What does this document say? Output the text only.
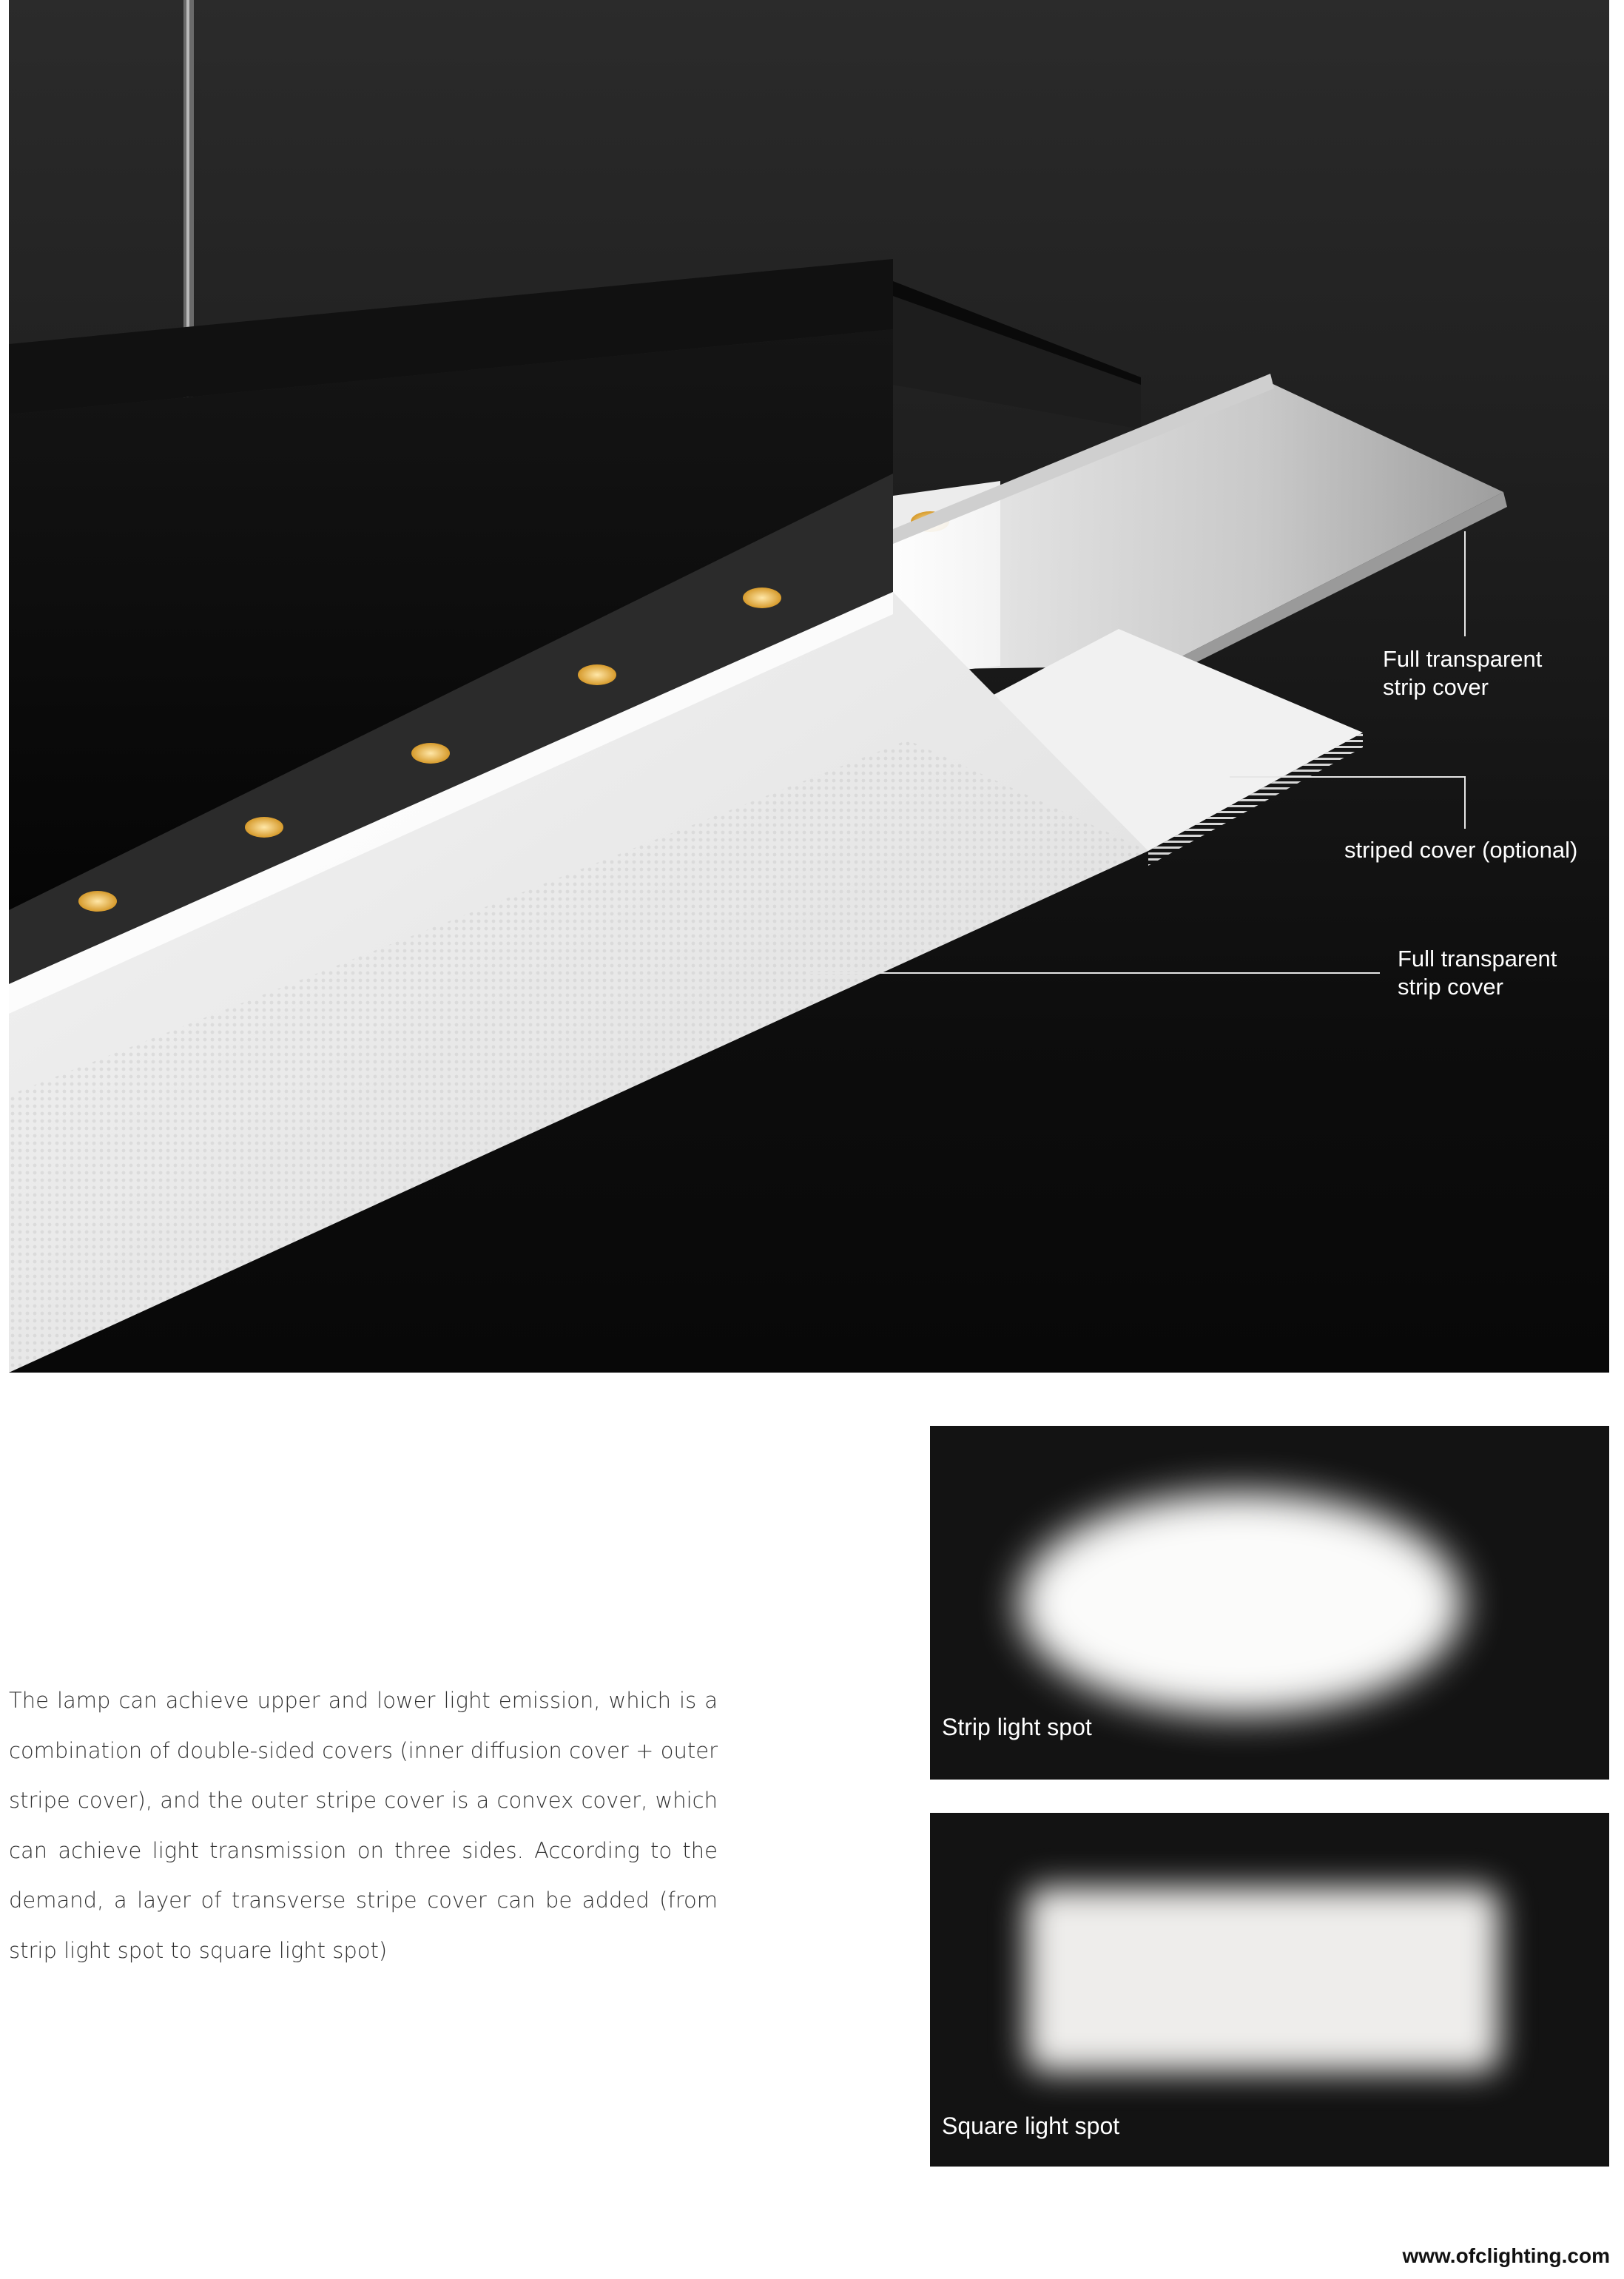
Full transparent
strip cover
striped cover (optional)
Full transparent
strip cover

The lamp can achieve upper and lower light emission, which is a combination of double-sided covers (inner diffusion cover + outer stripe cover), and the outer stripe cover is a convex cover, which can achieve light transmission on three sides. According to the demand, a layer of transverse stripe cover can be added (from strip light spot to square light spot)

Strip light spot
Square light spot
www.ofclighting.com
